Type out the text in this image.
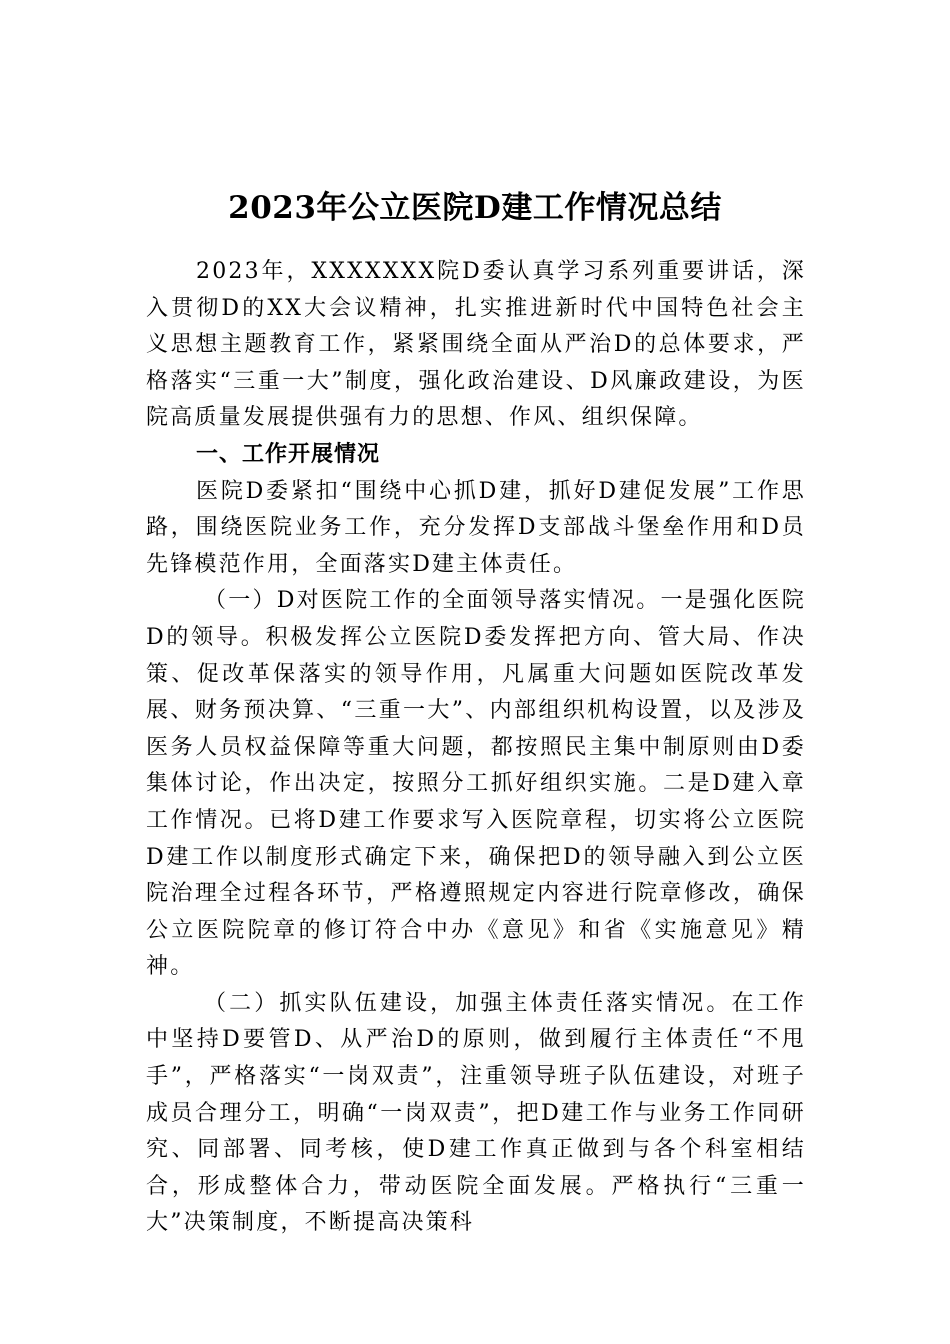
2023年公立医院D建工作情况总结

2023年，XXXXXXX院D委认真学习系列重要讲话，深入贯彻D的XX大会议精神，扎实推进新时代中国特色社会主义思想主题教育工作，紧紧围绕全面从严治D的总体要求，严格落实“三重一大”制度，强化政治建设、D风廉政建设，为医院高质量发展提供强有力的思想、作风、组织保障。

一、工作开展情况

医院D委紧扣“围绕中心抓D建，抓好D建促发展”工作思路，围绕医院业务工作，充分发挥D支部战斗堡垒作用和D员先锋模范作用，全面落实D建主体责任。

（一）D对医院工作的全面领导落实情况。一是强化医院D的领导。积极发挥公立医院D委发挥把方向、管大局、作决策、促改革保落实的领导作用，凡属重大问题如医院改革发展、财务预决算、“三重一大”、内部组织机构设置，以及涉及医务人员权益保障等重大问题，都按照民主集中制原则由D委集体讨论，作出决定，按照分工抓好组织实施。二是D建入章工作情况。已将D建工作要求写入医院章程，切实将公立医院D建工作以制度形式确定下来，确保把D的领导融入到公立医院治理全过程各环节，严格遵照规定内容进行院章修改，确保公立医院院章的修订符合中办《意见》和省《实施意见》精神。

（二）抓实队伍建设，加强主体责任落实情况。在工作中坚持D要管D、从严治D的原则，做到履行主体责任“不甩手”，严格落实“一岗双责”，注重领导班子队伍建设，对班子成员合理分工，明确“一岗双责”，把D建工作与业务工作同研究、同部署、同考核，使D建工作真正做到与各个科室相结合，形成整体合力，带动医院全面发展。严格执行“三重一大”决策制度，不断提高决策科
